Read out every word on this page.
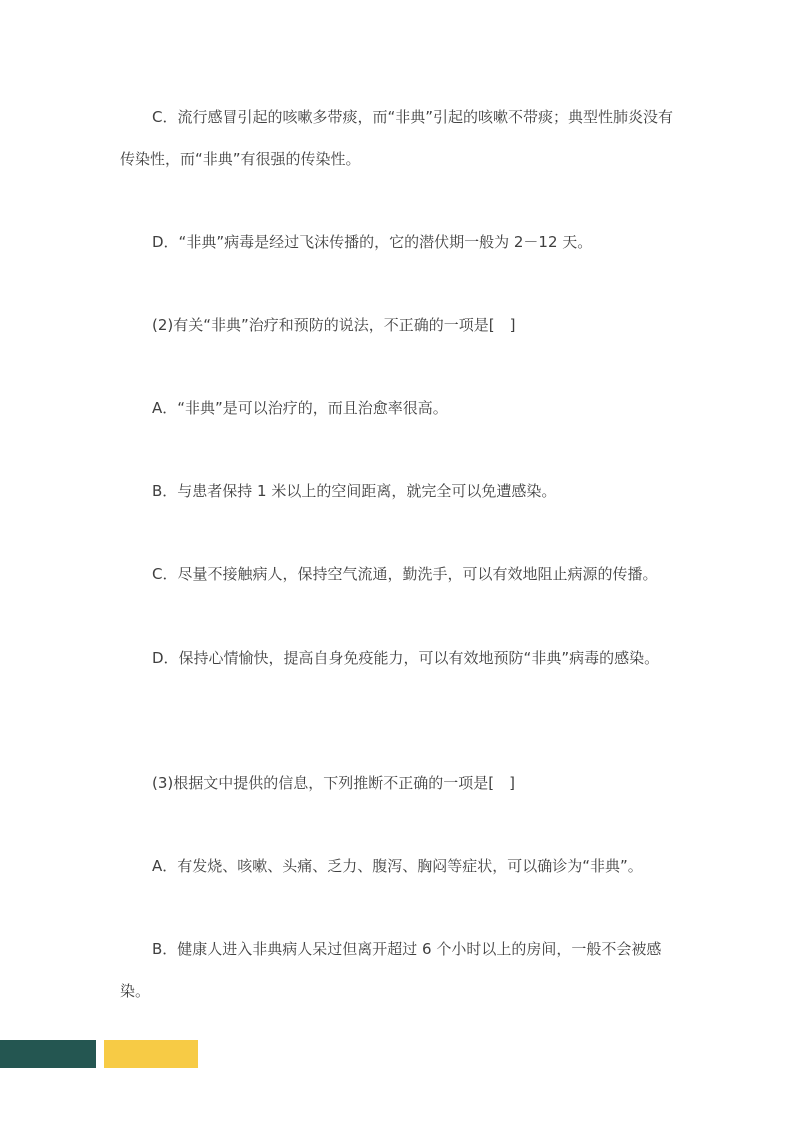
C．流行感冒引起的咳嗽多带痰，而“非典”引起的咳嗽不带痰；典型性肺炎没有传染性，而“非典”有很强的传染性。

D．“非典”病毒是经过飞沫传播的，它的潜伏期一般为 2－12 天。

(2)有关“非典”治疗和预防的说法，不正确的一项是[　]

A．“非典”是可以治疗的，而且治愈率很高。

B．与患者保持 1 米以上的空间距离，就完全可以免遭感染。

C．尽量不接触病人，保持空气流通，勤洗手，可以有效地阻止病源的传播。

D．保持心情愉快，提高自身免疫能力，可以有效地预防“非典”病毒的感染。

(3)根据文中提供的信息，下列推断不正确的一项是[　]

A．有发烧、咳嗽、头痛、乏力、腹泻、胸闷等症状，可以确诊为“非典”。

B．健康人进入非典病人呆过但离开超过 6 个小时以上的房间，一般不会被感染。
